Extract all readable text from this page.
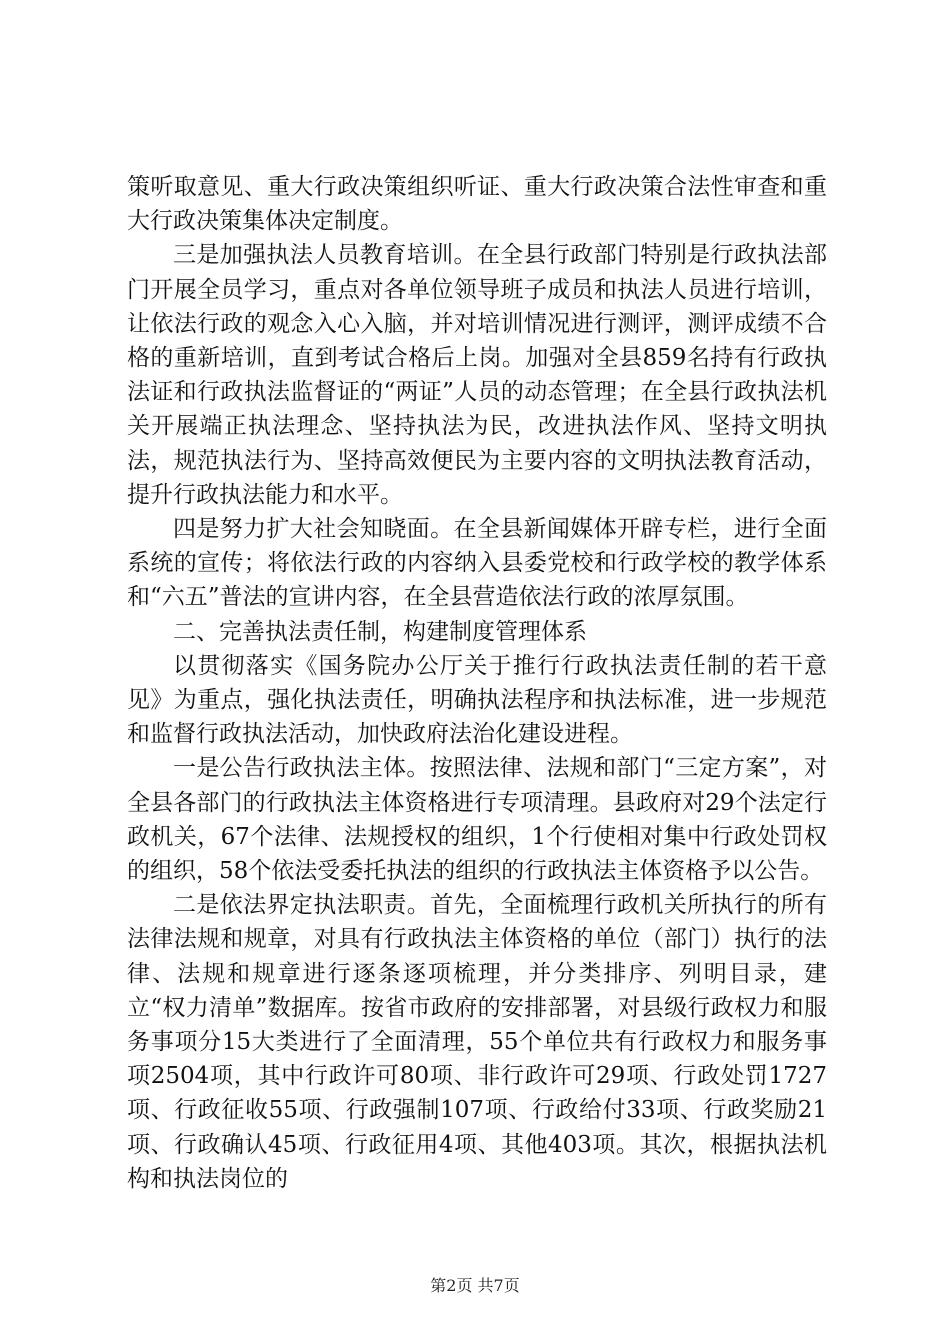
策听取意见、重大行政决策组织听证、重大行政决策合法性审查和重大行政决策集体决定制度。

三是加强执法人员教育培训。在全县行政部门特别是行政执法部门开展全员学习，重点对各单位领导班子成员和执法人员进行培训，让依法行政的观念入心入脑，并对培训情况进行测评，测评成绩不合格的重新培训，直到考试合格后上岗。加强对全县859名持有行政执法证和行政执法监督证的“两证”人员的动态管理；在全县行政执法机关开展端正执法理念、坚持执法为民，改进执法作风、坚持文明执法，规范执法行为、坚持高效便民为主要内容的文明执法教育活动，提升行政执法能力和水平。

四是努力扩大社会知晓面。在全县新闻媒体开辟专栏，进行全面系统的宣传；将依法行政的内容纳入县委党校和行政学校的教学体系和“六五”普法的宣讲内容，在全县营造依法行政的浓厚氛围。

二、完善执法责任制，构建制度管理体系

以贯彻落实《国务院办公厅关于推行行政执法责任制的若干意见》为重点，强化执法责任，明确执法程序和执法标准，进一步规范和监督行政执法活动，加快政府法治化建设进程。

一是公告行政执法主体。按照法律、法规和部门“三定方案”，对全县各部门的行政执法主体资格进行专项清理。县政府对29个法定行政机关，67个法律、法规授权的组织，1个行使相对集中行政处罚权的组织，58个依法受委托执法的组织的行政执法主体资格予以公告。

二是依法界定执法职责。首先，全面梳理行政机关所执行的所有法律法规和规章，对具有行政执法主体资格的单位（部门）执行的法律、法规和规章进行逐条逐项梳理，并分类排序、列明目录，建立“权力清单”数据库。按省市政府的安排部署，对县级行政权力和服务事项分15大类进行了全面清理，55个单位共有行政权力和服务事项2504项，其中行政许可80项、非行政许可29项、行政处罚1727项、行政征收55项、行政强制107项、行政给付33项、行政奖励21项、行政确认45项、行政征用4项、其他403项。其次，根据执法机构和执法岗位的

第2页 共7页
